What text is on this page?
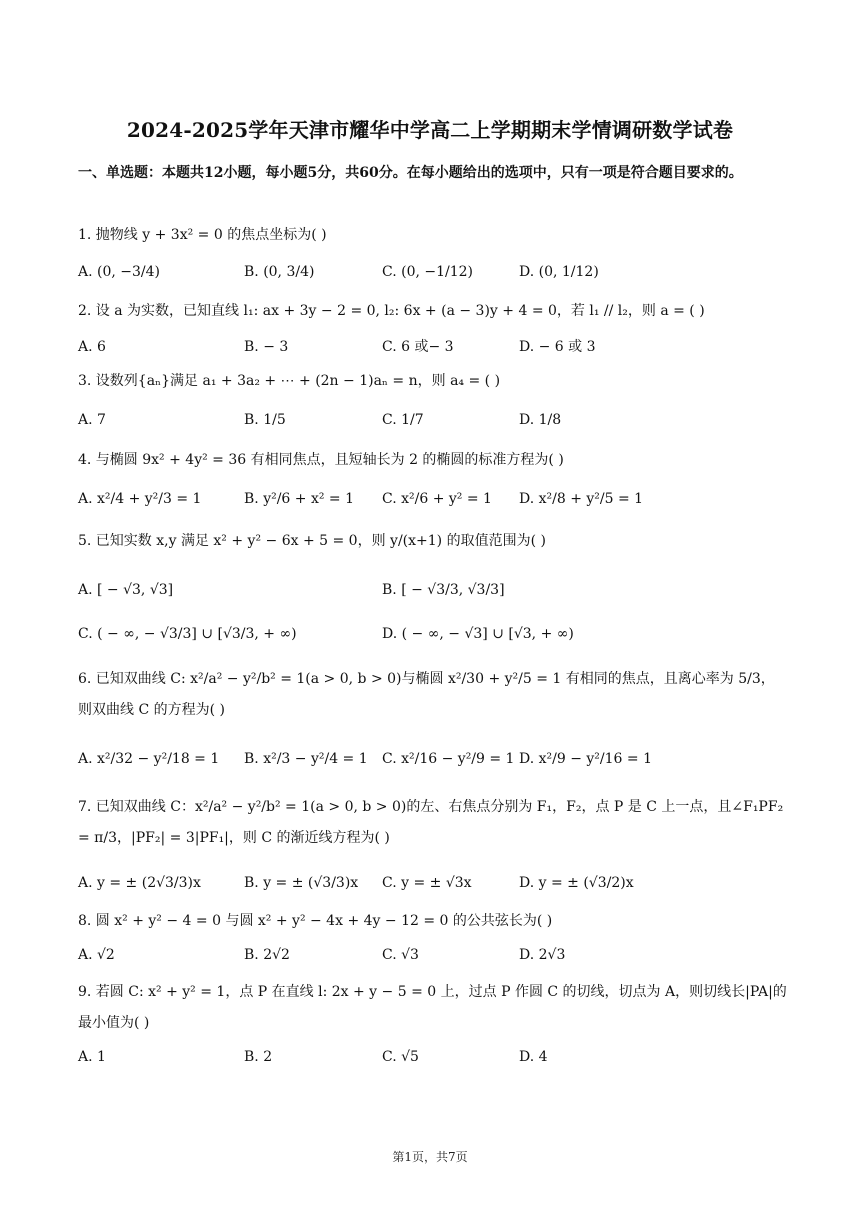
2024-2025学年天津市耀华中学高二上学期期末学情调研数学试卷
一、单选题：本题共12小题，每小题5分，共60分。在每小题给出的选项中，只有一项是符合题目要求的。
1. 抛物线 y + 3x² = 0 的焦点坐标为( )
A. (0, −3/4)	B. (0, 3/4)	C. (0, −1/12)	D. (0, 1/12)
2. 设 a 为实数，已知直线 l₁: ax + 3y − 2 = 0, l₂: 6x + (a − 3)y + 4 = 0，若 l₁ // l₂，则 a = ( )
A. 6	B. − 3	C. 6 或− 3	D. − 6 或 3
3. 设数列{aₙ}满足 a₁ + 3a₂ + ⋯ + (2n − 1)aₙ = n，则 a₄ = ( )
A. 7	B. 1/5	C. 1/7	D. 1/8
4. 与椭圆 9x² + 4y² = 36 有相同焦点，且短轴长为 2 的椭圆的标准方程为( )
A. x²/4 + y²/3 = 1	B. y²/6 + x² = 1 C. x²/6 + y² = 1 D. x²/8 + y²/5 = 1
5. 已知实数 x,y 满足 x² + y² − 6x + 5 = 0，则 y/(x+1) 的取值范围为( )
A. [ − √3, √3]	B. [ − √3/3, √3/3]
C. ( − ∞, − √3/3] ∪ [√3/3, + ∞)	D. ( − ∞, − √3] ∪ [√3, + ∞)
6. 已知双曲线 C: x²/a² − y²/b² = 1(a > 0, b > 0)与椭圆 x²/30 + y²/5 = 1 有相同的焦点，且离心率为 5/3，则双曲线 C 的方程为( )
A. x²/32 − y²/18 = 1 B. x²/3 − y²/4 = 1 C. x²/16 − y²/9 = 1 D. x²/9 − y²/16 = 1
7. 已知双曲线 C：x²/a² − y²/b² = 1(a > 0, b > 0)的左、右焦点分别为 F₁，F₂，点 P 是 C 上一点，且∠F₁PF₂ = π/3，|PF₂| = 3|PF₁|，则 C 的渐近线方程为( )
A. y = ± (2√3/3)x	B. y = ± (√3/3)x C. y = ± √3x	D. y = ± (√3/2)x
8. 圆 x² + y² − 4 = 0 与圆 x² + y² − 4x + 4y − 12 = 0 的公共弦长为( )
A. √2	B. 2√2	C. √3	D. 2√3
9. 若圆 C: x² + y² = 1，点 P 在直线 l: 2x + y − 5 = 0 上，过点 P 作圆 C 的切线，切点为 A，则切线长|PA|的最小值为( )
A. 1	B. 2	C. √5	D. 4
第1页，共7页
